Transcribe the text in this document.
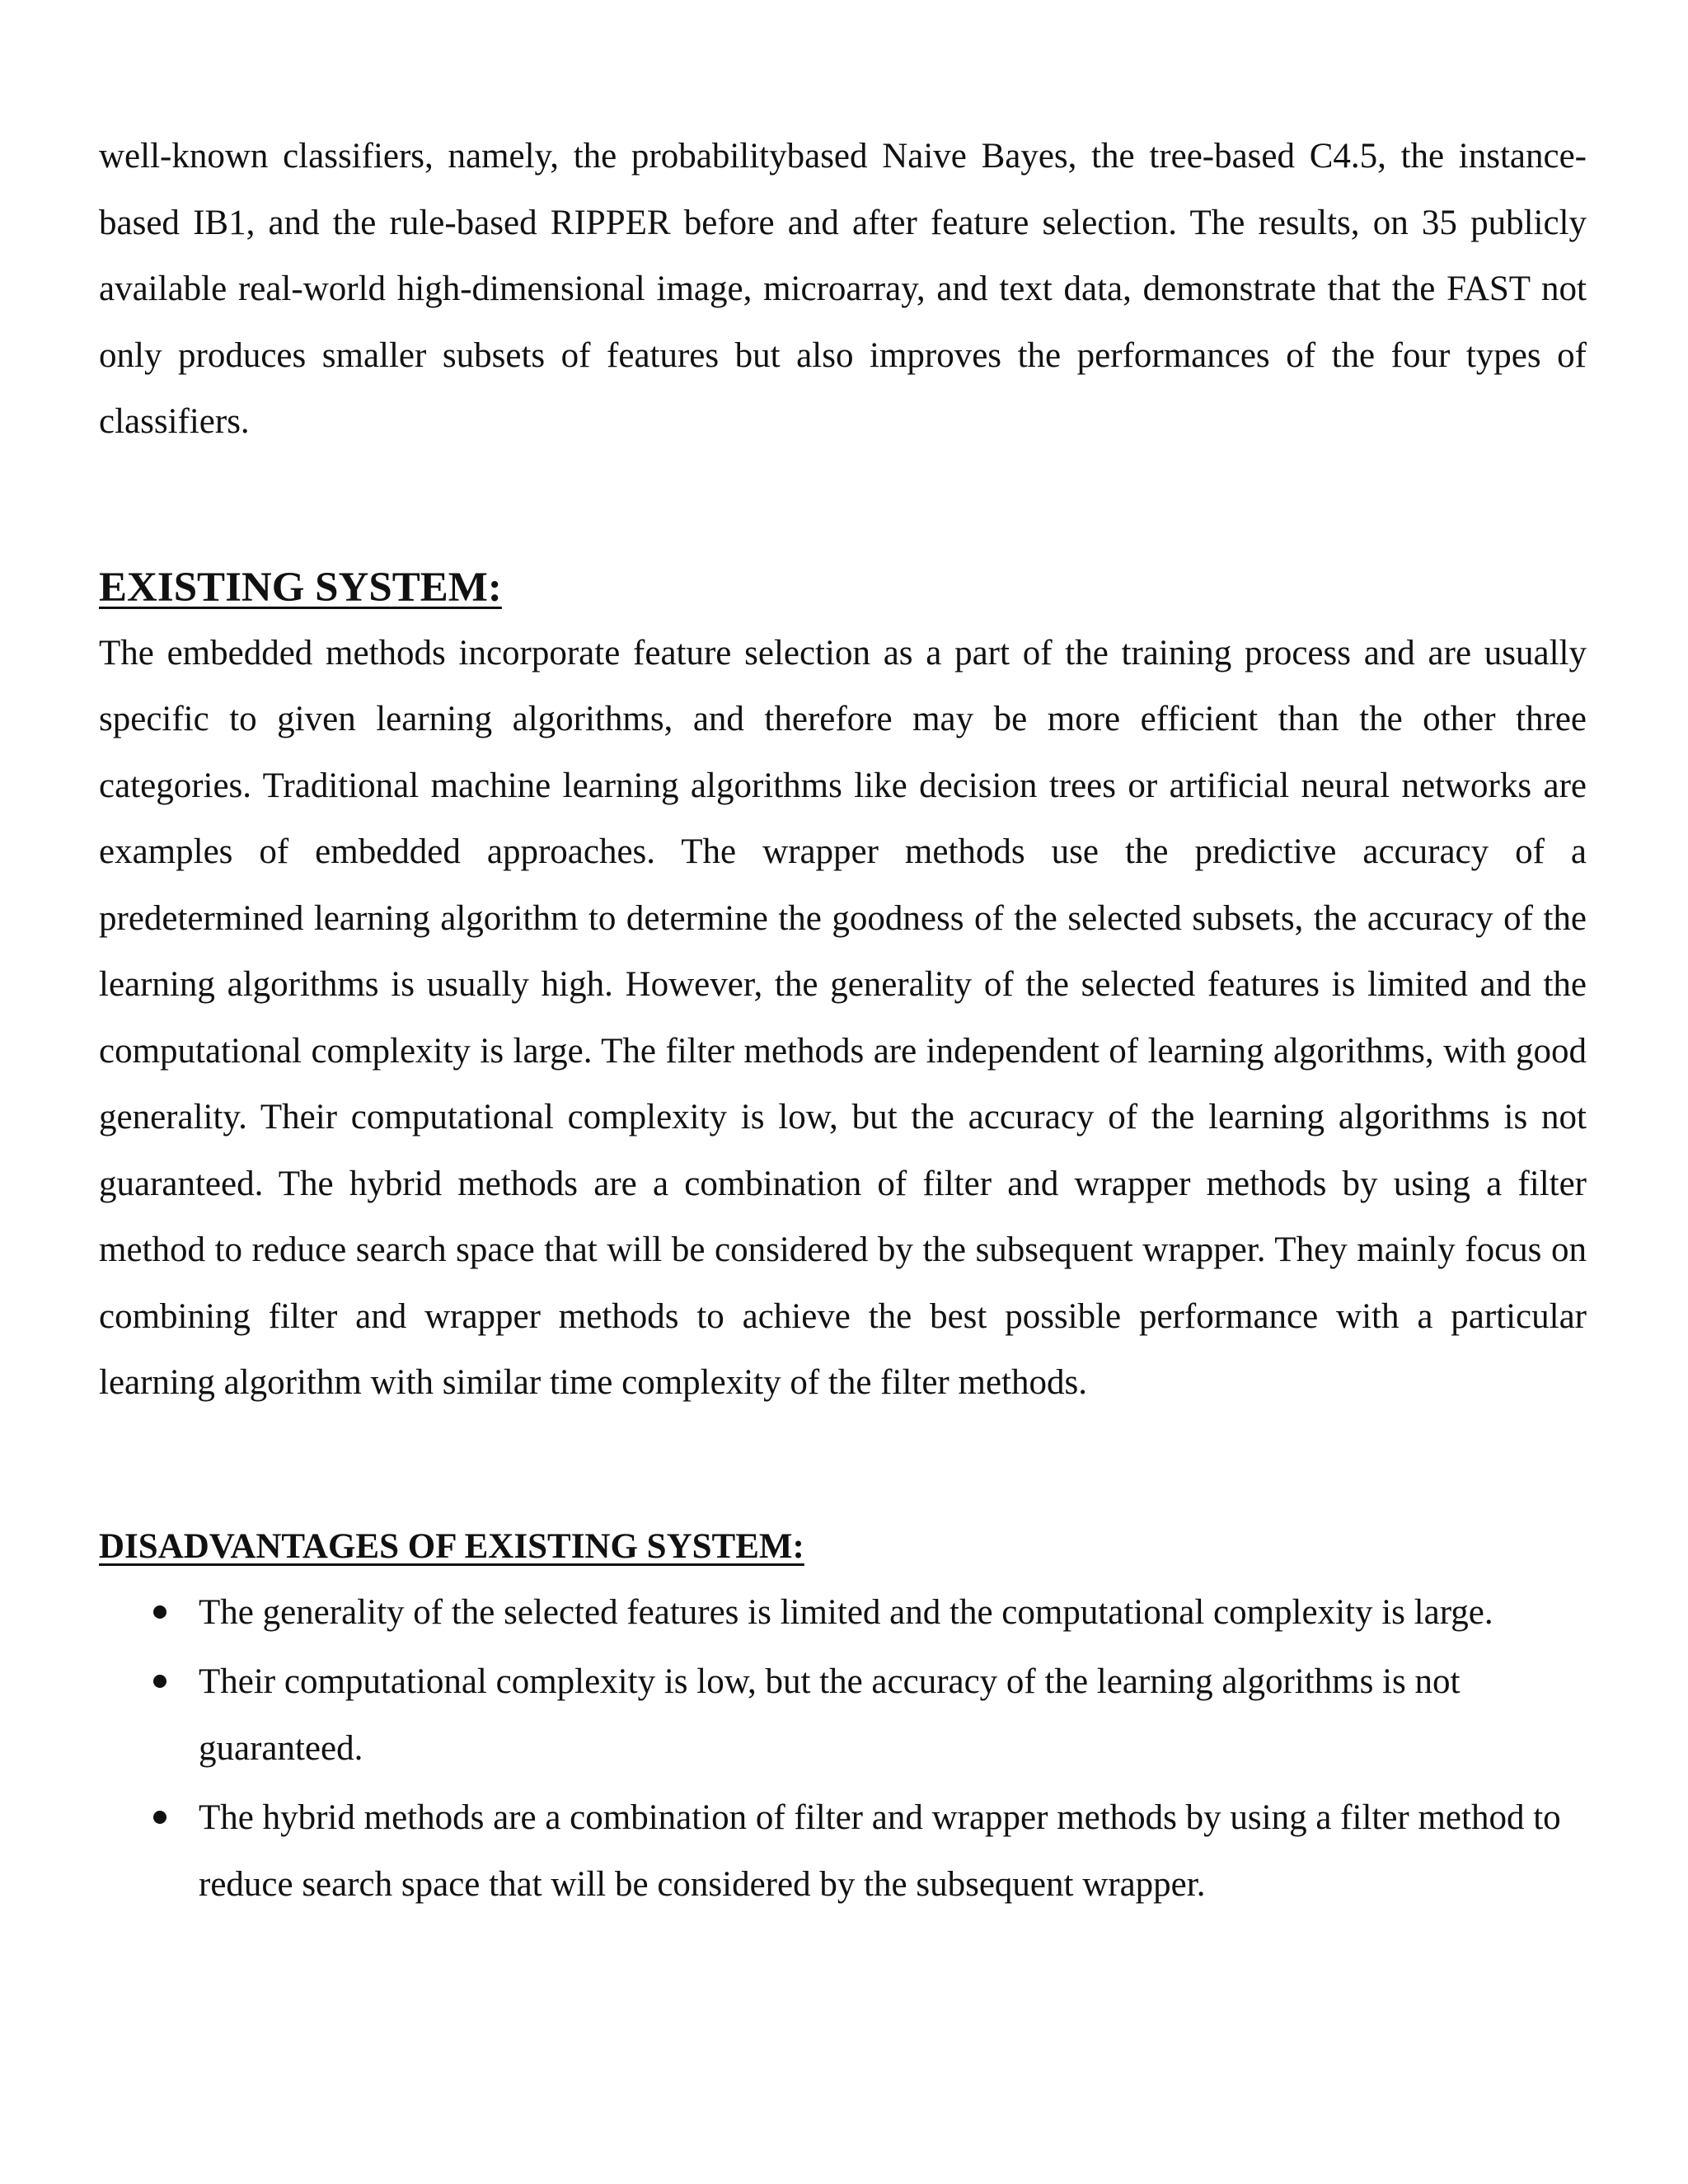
well-known classifiers, namely, the probabilitybased Naive Bayes, the tree-based C4.5, the instance-based IB1, and the rule-based RIPPER before and after feature selection. The results, on 35 publicly available real-world high-dimensional image, microarray, and text data, demonstrate that the FAST not only produces smaller subsets of features but also improves the performances of the four types of classifiers.

EXISTING SYSTEM:

The embedded methods incorporate feature selection as a part of the training process and are usually specific to given learning algorithms, and therefore may be more efficient than the other three categories. Traditional machine learning algorithms like decision trees or artificial neural networks are examples of embedded approaches. The wrapper methods use the predictive accuracy of a predetermined learning algorithm to determine the goodness of the selected subsets, the accuracy of the learning algorithms is usually high. However, the generality of the selected features is limited and the computational complexity is large. The filter methods are independent of learning algorithms, with good generality. Their computational complexity is low, but the accuracy of the learning algorithms is not guaranteed. The hybrid methods are a combination of filter and wrapper methods by using a filter method to reduce search space that will be considered by the subsequent wrapper. They mainly focus on combining filter and wrapper methods to achieve the best possible performance with a particular learning algorithm with similar time complexity of the filter methods.

DISADVANTAGES OF EXISTING SYSTEM:
The generality of the selected features is limited and the computational complexity is large.
Their computational complexity is low, but the accuracy of the learning algorithms is not guaranteed.
The hybrid methods are a combination of filter and wrapper methods by using a filter method to reduce search space that will be considered by the subsequent wrapper.
